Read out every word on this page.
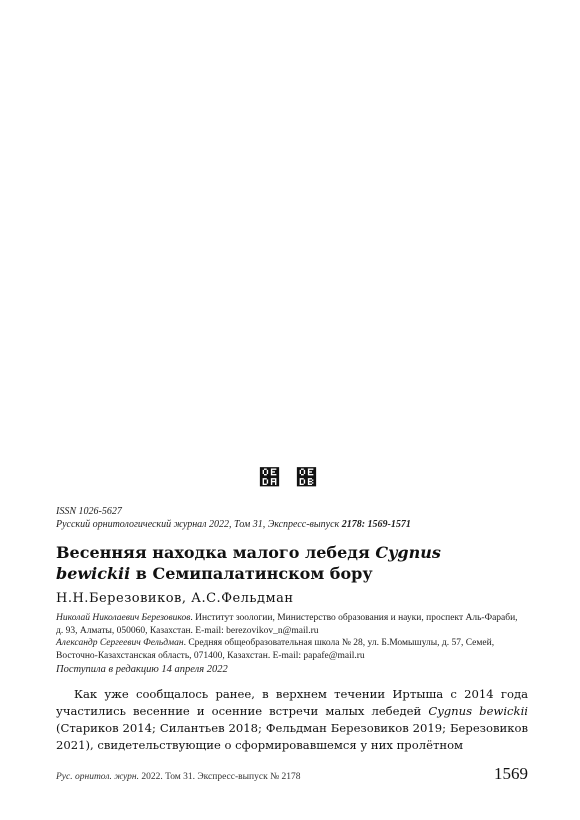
໚ ໛
ISSN 1026-5627
Русский орнитологический журнал 2022, Том 31, Экспресс-выпуск 2178: 1569-1571
Весенняя находка малого лебедя Cygnus
bewickii в Семипалатинском бору
Н.Н.Березовиков, А.С.Фельдман

Николай Николаевич Березовиков. Институт зоологии, Министерство образования и науки, проспект Аль-Фараби, д. 93, Алматы, 050060, Казахстан. E-mail: berezovikov_n@mail.ru

Александр Сергеевич Фельдман. Средняя общеобразовательная школа № 28, ул. Б.Момышулы, д. 57, Семей, Восточно-Казахстанская область, 071400, Казахстан. E-mail: papafe@mail.ru

Поступила в редакцию 14 апреля 2022

Как уже сообщалось ранее, в верхнем течении Иртыша с 2014 года участились весенние и осенние встречи малых лебедей Cygnus bewickii (Стариков 2014; Силантьев 2018; Фельдман Березовиков 2019; Березовиков 2021), свидетельствующие о сформировавшемся у них пролётном

Рус. орнитол. журн. 2022. Том 31. Экспресс-выпуск № 2178	1569
